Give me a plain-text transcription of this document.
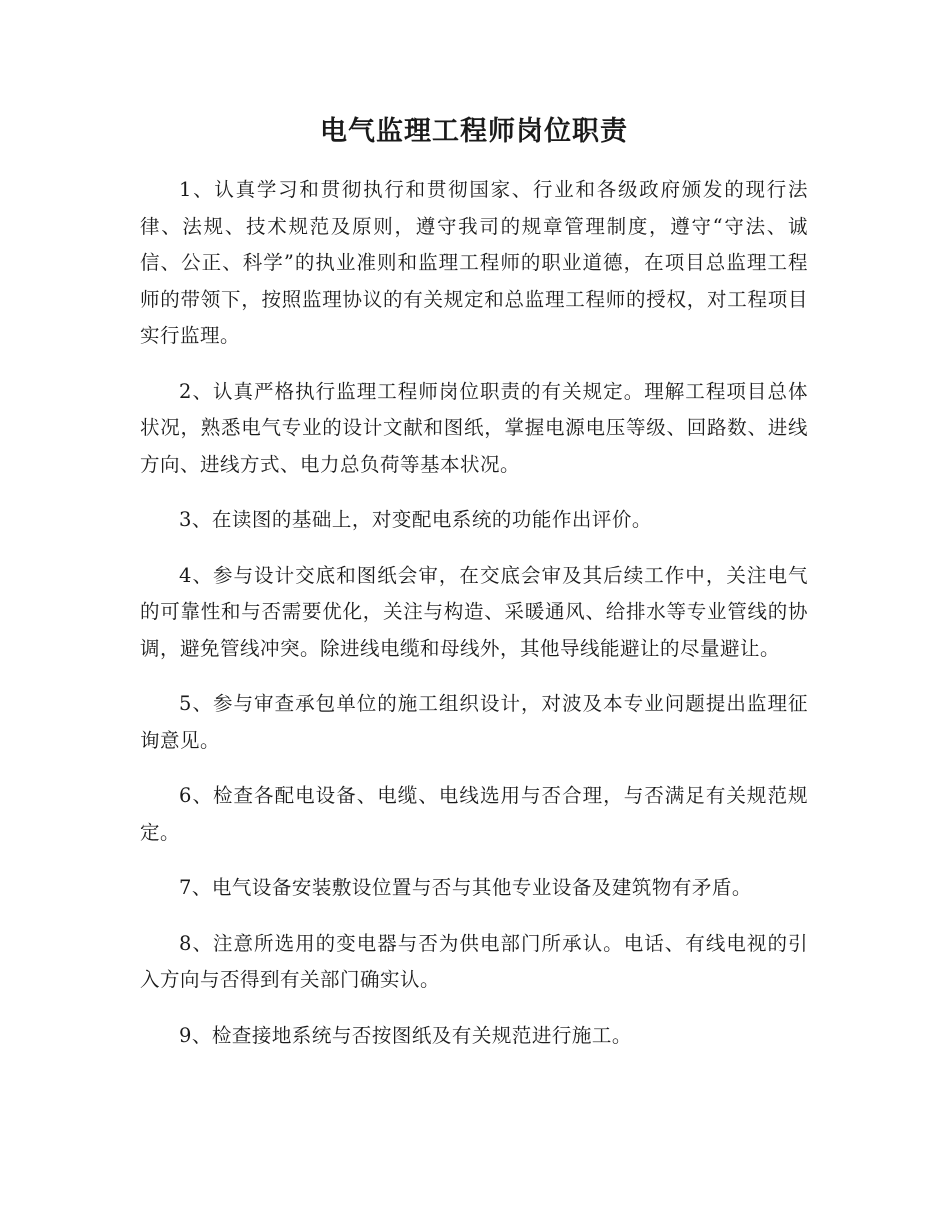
电气监理工程师岗位职责

1、认真学习和贯彻执行和贯彻国家、行业和各级政府颁发的现行法律、法规、技术规范及原则，遵守我司的规章管理制度，遵守“守法、诚信、公正、科学”的执业准则和监理工程师的职业道德，在项目总监理工程师的带领下，按照监理协议的有关规定和总监理工程师的授权，对工程项目实行监理。

2、认真严格执行监理工程师岗位职责的有关规定。理解工程项目总体状况，熟悉电气专业的设计文献和图纸，掌握电源电压等级、回路数、进线方向、进线方式、电力总负荷等基本状况。

3、在读图的基础上，对变配电系统的功能作出评价。

4、参与设计交底和图纸会审，在交底会审及其后续工作中，关注电气的可靠性和与否需要优化，关注与构造、采暖通风、给排水等专业管线的协调，避免管线冲突。除进线电缆和母线外，其他导线能避让的尽量避让。

5、参与审查承包单位的施工组织设计，对波及本专业问题提出监理征询意见。

6、检查各配电设备、电缆、电线选用与否合理，与否满足有关规范规定。

7、电气设备安装敷设位置与否与其他专业设备及建筑物有矛盾。

8、注意所选用的变电器与否为供电部门所承认。电话、有线电视的引入方向与否得到有关部门确实认。

9、检查接地系统与否按图纸及有关规范进行施工。
